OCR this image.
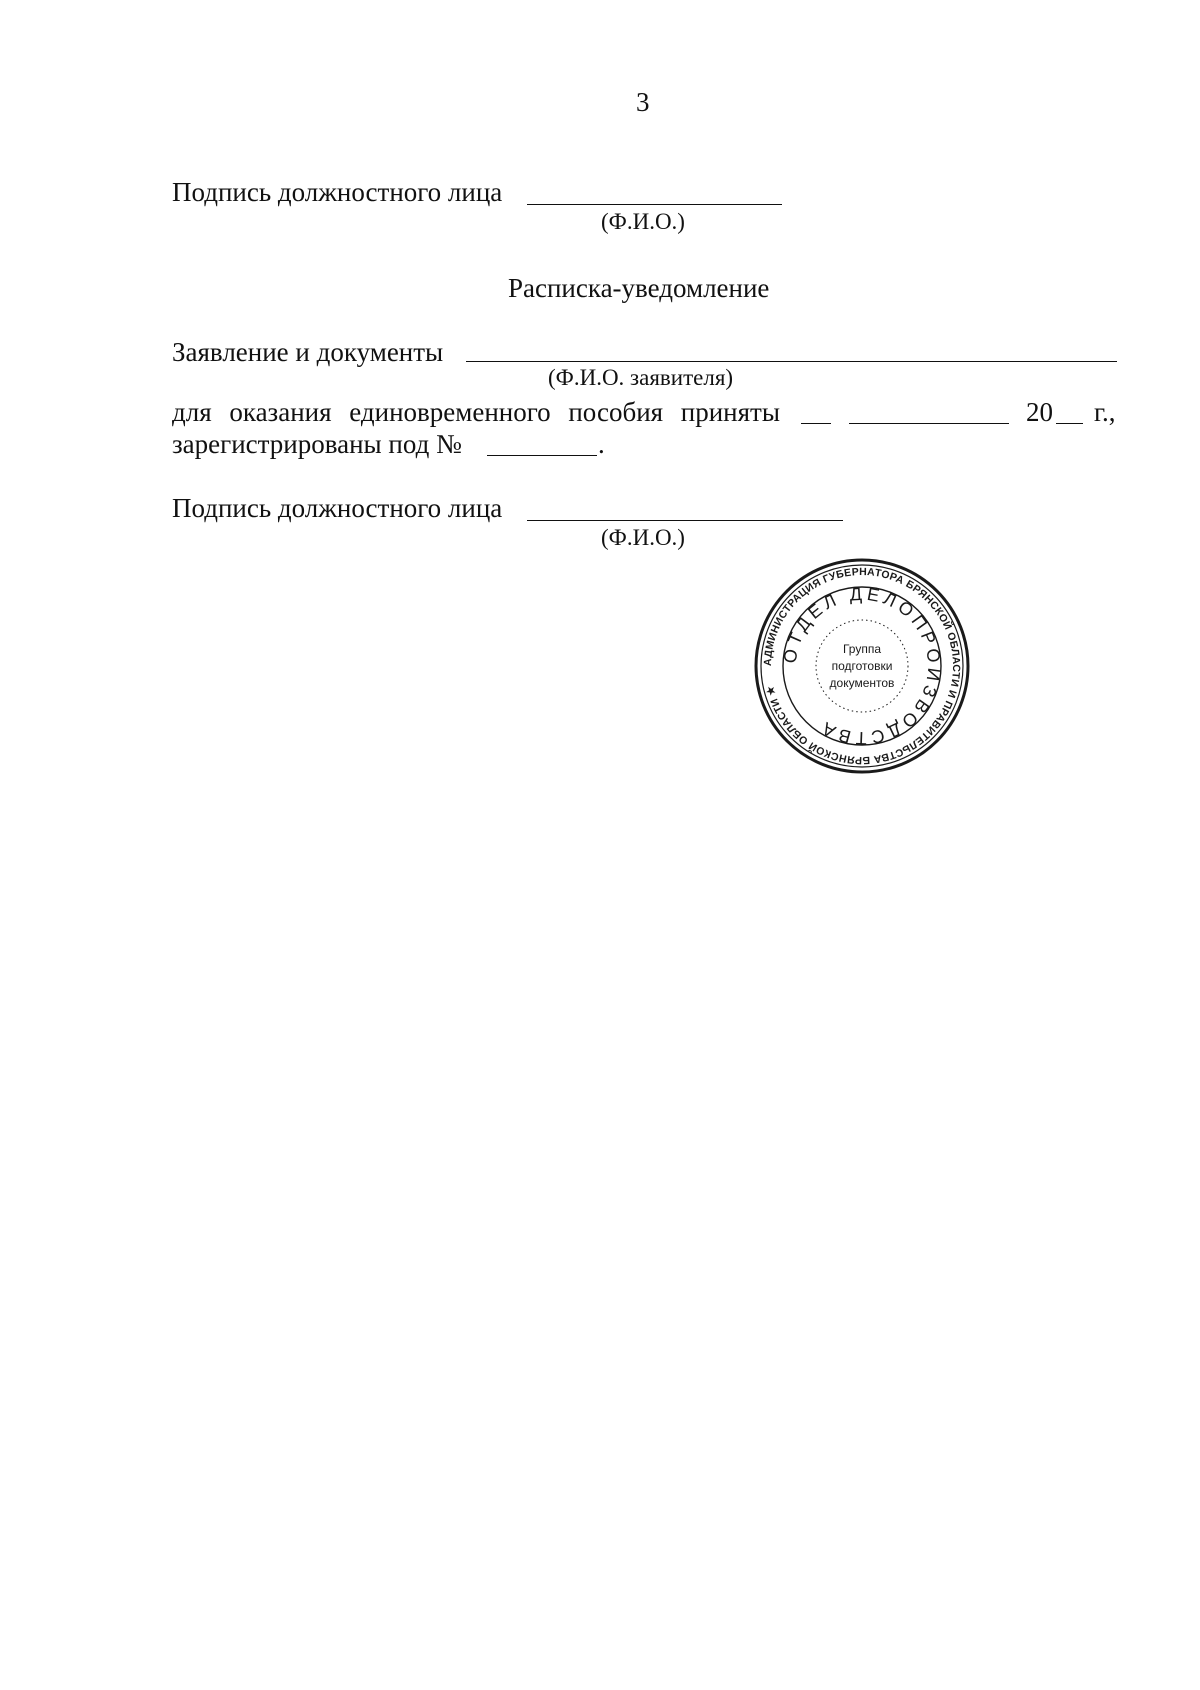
3
Подпись должностного лица
(Ф.И.О.)
Расписка-уведомление
Заявление и документы
(Ф.И.О. заявителя)
для оказания единовременного пособия приняты	20 г.,
зарегистрированы под №	.
Подпись должностного лица
(Ф.И.О.)
АДМИНИСТРАЦИЯ ГУБЕРНАТОРА БРЯНСКОЙ ОБЛАСТИ И ПРАВИТЕЛЬСТВА БРЯНСКОЙ ОБЛАСТИ ★
ОТДЕЛ ДЕЛОПРОИЗВОДСТВА
Группа
подготовки
документов
